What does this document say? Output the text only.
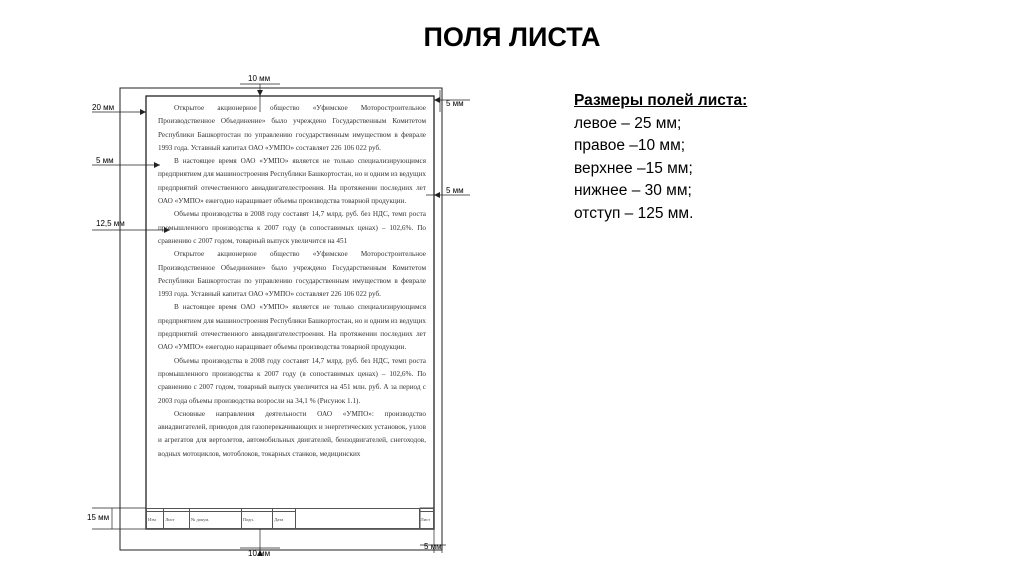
ПОЛЯ ЛИСТА
Размеры полей листа:
левое – 25 мм;
правое –10 мм;
верхнее –15 мм;
нижнее – 30 мм;
отступ – 125 мм.
10 мм
20 мм	5 мм
5 мм
5 мм
12,5 мм
15 мм
10 мм
5 мм
Открытое акционерное общество «Уфимское Моторостроительное Производственное Объединение» было учреждено Государственным Комитетом Республики Башкортостан по управлению государственным имуществом в феврале 1993 года. Уставный капитал ОАО «УМПО» составляет 226 106 022 руб.
В настоящее время ОАО «УМПО» является не только специализирующимся предприятием для машиностроения Республики Башкортостан, но и одним из ведущих предприятий отечественного авиадвигателестроения. На протяжении последних лет ОАО «УМПО» ежегодно наращивает объемы производства товарной продукции.
Объемы производства в 2008 году составят 14,7 млрд. руб. без НДС, темп роста промышленного производства к 2007 году (в сопоставимых ценах) – 102,6%. По сравнению с 2007 годом, товарный выпуск увеличится на 451
Открытое акционерное общество «Уфимское Моторостроительное Производственное Объединение» было учреждено Государственным Комитетом Республики Башкортостан по управлению государственным имуществом в феврале 1993 года. Уставный капитал ОАО «УМПО» составляет 226 106 022 руб.
В настоящее время ОАО «УМПО» является не только специализирующимся предприятием для машиностроения Республики Башкортостан, но и одним из ведущих предприятий отечественного авиадвигателестроения. На протяжении последних лет ОАО «УМПО» ежегодно наращивает объемы производства товарной продукции.
Объемы производства в 2008 году составят 14,7 млрд. руб. без НДС, темп роста промышленного производства к 2007 году (в сопоставимых ценах) – 102,6%. По сравнению с 2007 годом, товарный выпуск увеличится на 451 млн. руб. А за период с 2003 года объемы производства возросли на 34,1 % (Рисунок 1.1).
Основные направления деятельности ОАО «УМПО»: производство авиадвигателей, приводов для газоперекачивающих и энергетических установок, узлов и агрегатов для вертолетов, автомобильных двигателей, бензодвигателей, снегоходов, водных мотоциклов, мотоблоков, токарных станков, медицинских

Изм	Лист	№ докум.	Подп.	Дата		Лист
